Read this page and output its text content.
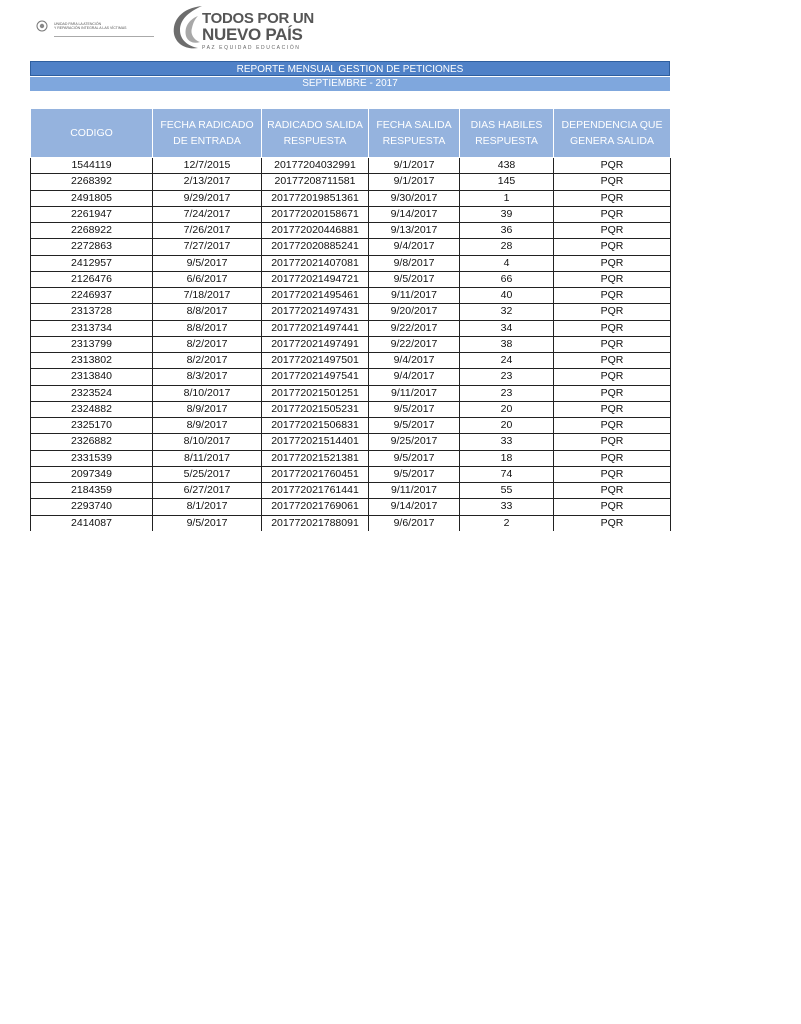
UNIDAD PARA LA ATENCIÓN
Y REPARACIÓN INTEGRAL A LAS VÍCTIMAS
TODOS POR UN
NUEVO PAÍS
PAZ EQUIDAD EDUCACIÓN
REPORTE MENSUAL GESTION DE PETICIONES
SEPTIEMBRE - 2017
CODIGO	FECHA RADICADO DE ENTRADA	RADICADO SALIDA RESPUESTA	FECHA SALIDA RESPUESTA	DIAS HABILES RESPUESTA	DEPENDENCIA QUE GENERA SALIDA
1544119	12/7/2015	20177204032991	9/1/2017	438	PQR
2268392	2/13/2017	20177208711581	9/1/2017	145	PQR
2491805	9/29/2017	201772019851361	9/30/2017	1	PQR
2261947	7/24/2017	201772020158671	9/14/2017	39	PQR
2268922	7/26/2017	201772020446881	9/13/2017	36	PQR
2272863	7/27/2017	201772020885241	9/4/2017	28	PQR
2412957	9/5/2017	201772021407081	9/8/2017	4	PQR
2126476	6/6/2017	201772021494721	9/5/2017	66	PQR
2246937	7/18/2017	201772021495461	9/11/2017	40	PQR
2313728	8/8/2017	201772021497431	9/20/2017	32	PQR
2313734	8/8/2017	201772021497441	9/22/2017	34	PQR
2313799	8/2/2017	201772021497491	9/22/2017	38	PQR
2313802	8/2/2017	201772021497501	9/4/2017	24	PQR
2313840	8/3/2017	201772021497541	9/4/2017	23	PQR
2323524	8/10/2017	201772021501251	9/11/2017	23	PQR
2324882	8/9/2017	201772021505231	9/5/2017	20	PQR
2325170	8/9/2017	201772021506831	9/5/2017	20	PQR
2326882	8/10/2017	201772021514401	9/25/2017	33	PQR
2331539	8/11/2017	201772021521381	9/5/2017	18	PQR
2097349	5/25/2017	201772021760451	9/5/2017	74	PQR
2184359	6/27/2017	201772021761441	9/11/2017	55	PQR
2293740	8/1/2017	201772021769061	9/14/2017	33	PQR
2414087	9/5/2017	201772021788091	9/6/2017	2	PQR
